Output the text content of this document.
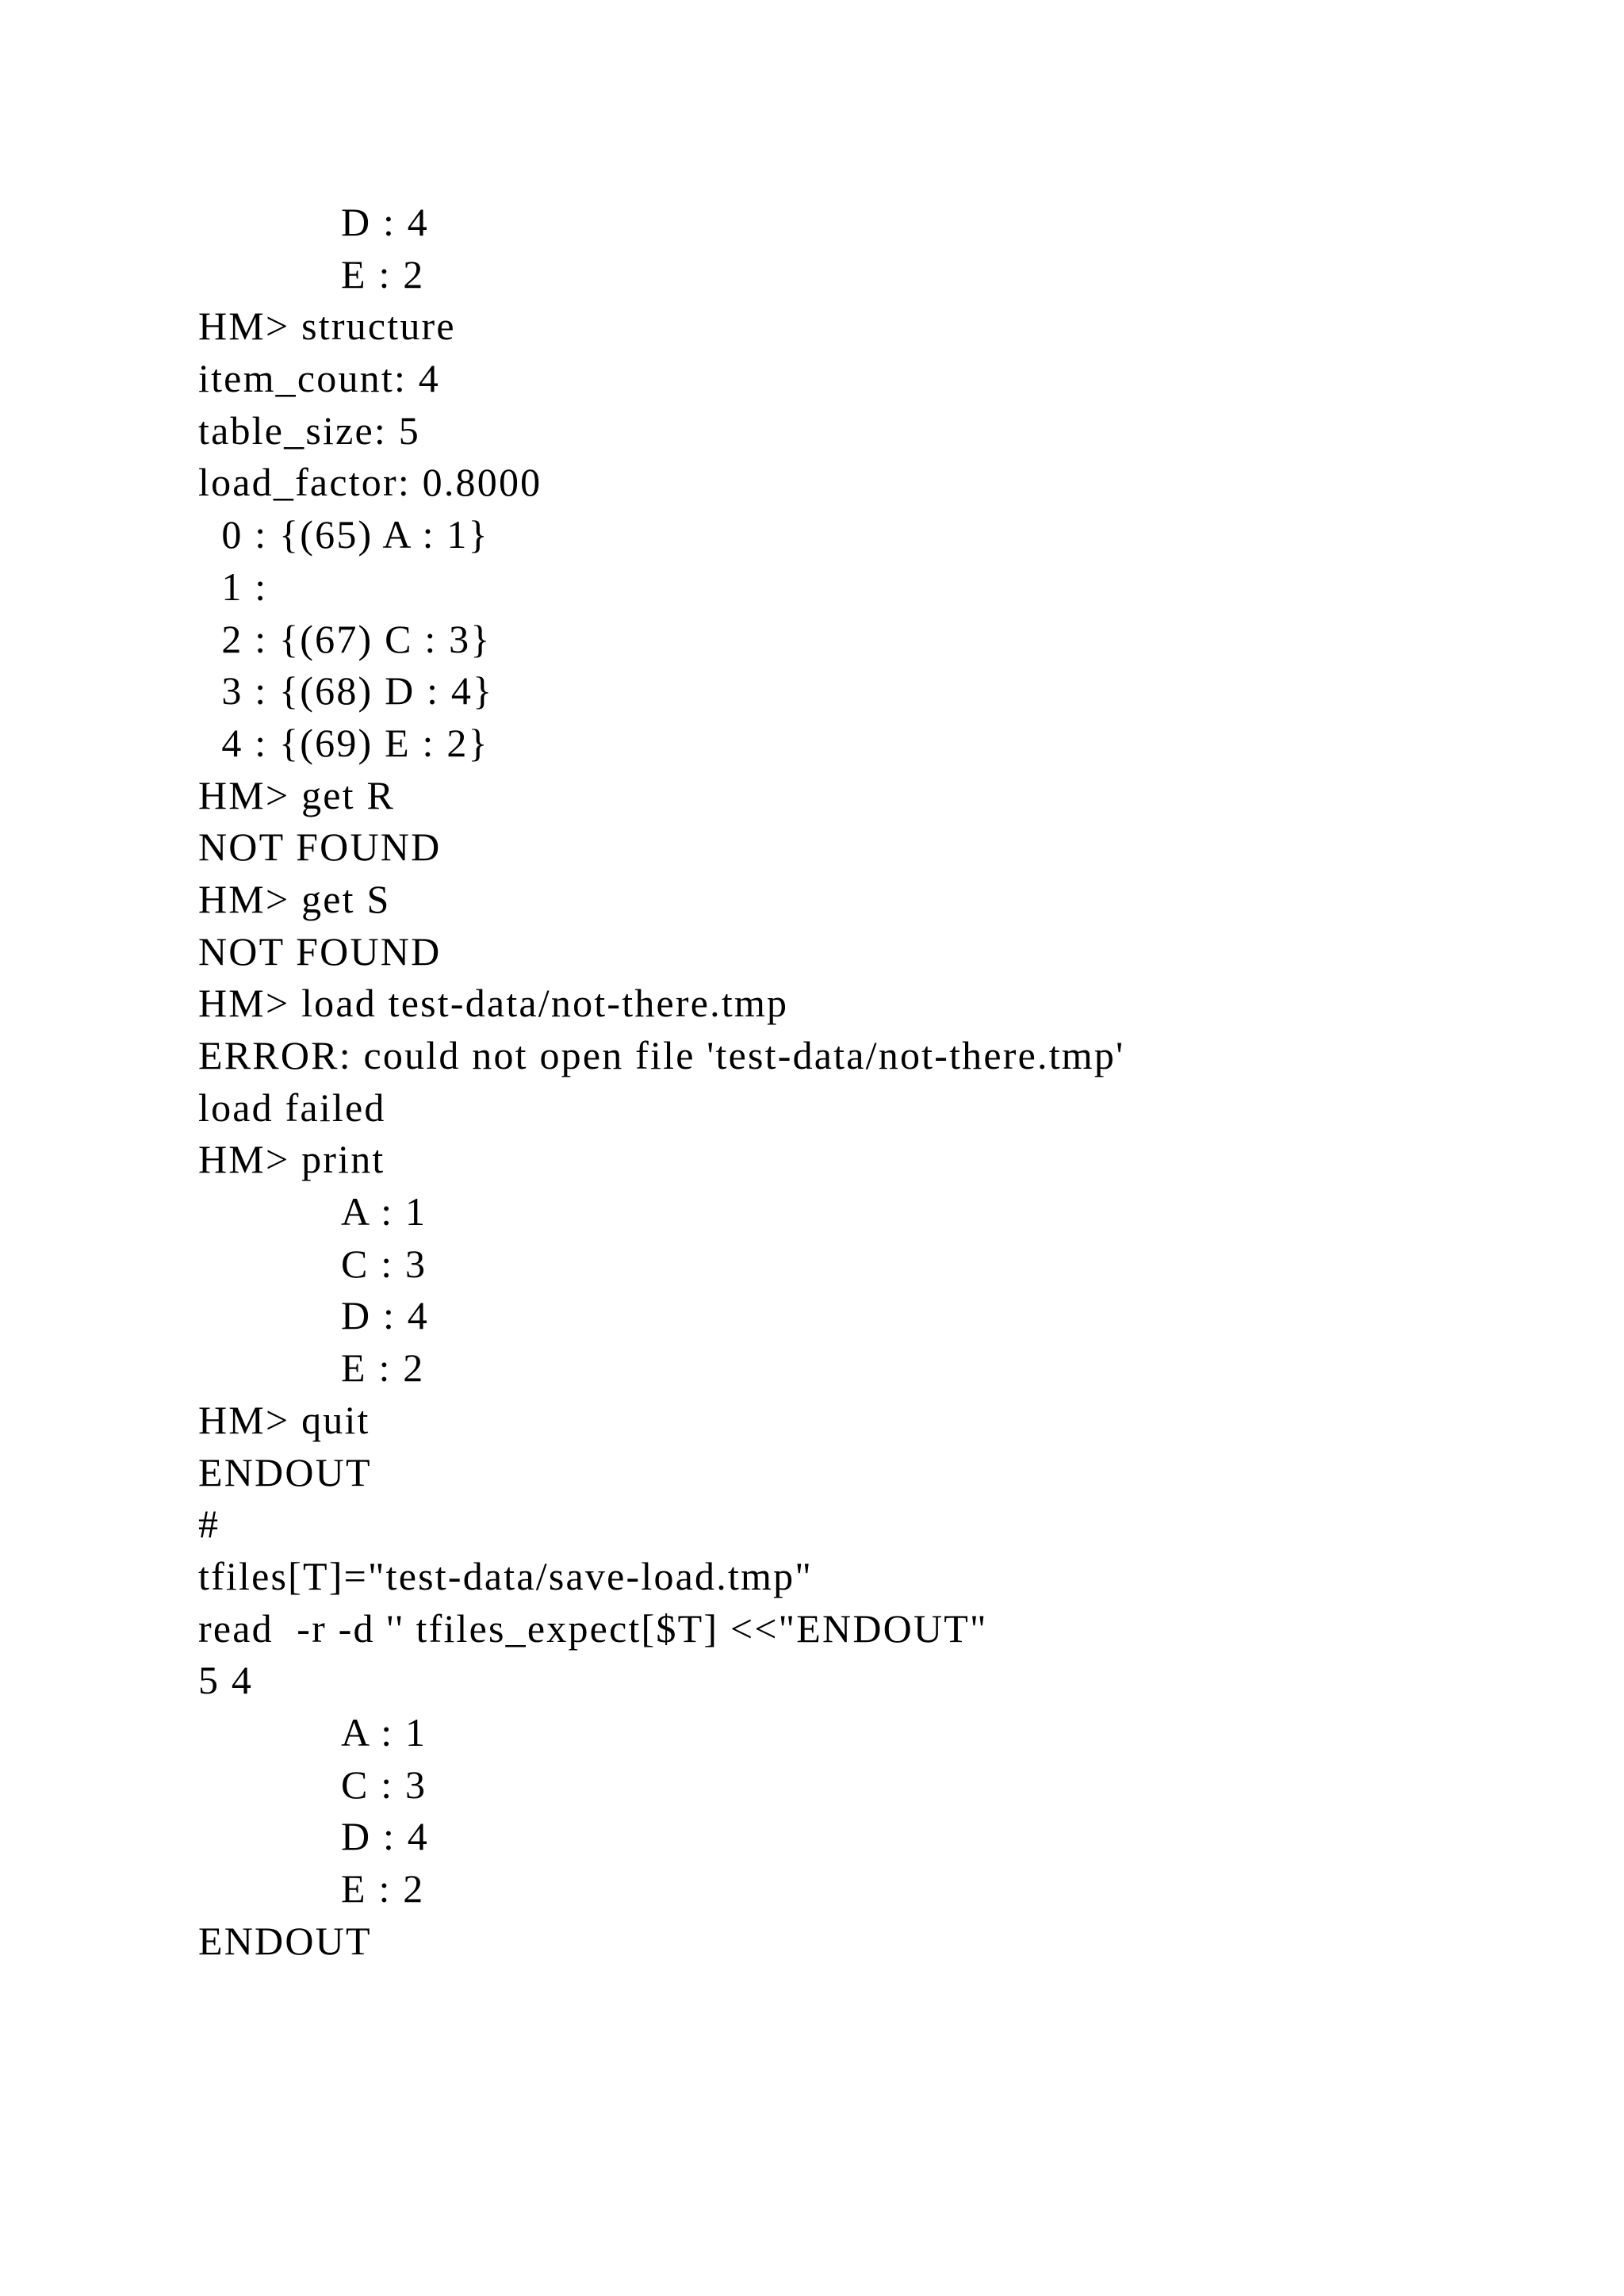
D : 4
E : 2
HM> structure
item_count: 4
table_size: 5
load_factor: 0.8000
0 : {(65) A : 1}
1 :
2 : {(67) C : 3}
3 : {(68) D : 4}
4 : {(69) E : 2}
HM> get R
NOT FOUND
HM> get S
NOT FOUND
HM> load test-data/not-there.tmp
ERROR: could not open file 'test-data/not-there.tmp'
load failed
HM> print
A : 1
C : 3
D : 4
E : 2
HM> quit
ENDOUT
#
tfiles[T]="test-data/save-load.tmp"
read  -r -d '' tfiles_expect[$T] <<"ENDOUT"
5 4
A : 1
C : 3
D : 4
E : 2
ENDOUT
